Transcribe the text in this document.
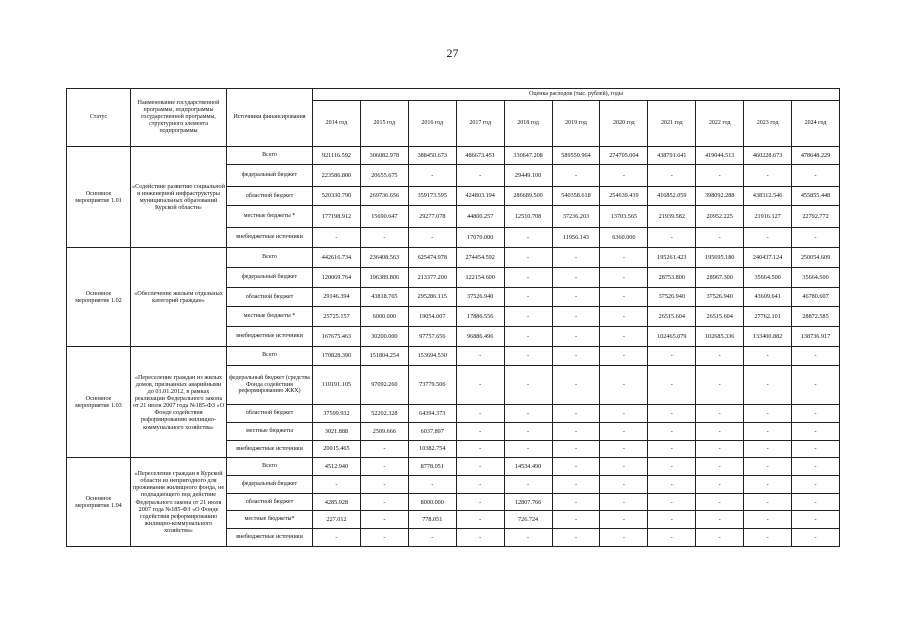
27
Статус	Наименование государственной программы, подпрограммы государственной программы, структурного элемента подпрограммы	Источники финансирования	Оценка расходов (тыс. рублей), годы										
			2014 год	2015 год	2016 год	2017 год	2018 год	2019 год	2020 год	2021 год	2022 год	2023 год	2024 год
Основное мероприятие 1.01	«Содействие развитию социальной и инженерной инфраструктуры муниципальных образований Курской области»	Всего	921116.592	306082.978	388450.673	486673.451	330647.208	589550.964	274705.004	438791.641	419044.513	460228.673	478648.229
		федеральный бюджет	223586.800	20655.675	-	-	29449.100	-	-	-	-	-	-
		областной бюджет	520330.790	269736.656	359173.595	424803.194	286689.500	540358.618	254639.439	416852.059	398092.288	438312.546	455855.448
		местные бюджеты *	177198.912	15690.647	29277.078	44800.257	12510.708	37236.203	13703.565	21939.582	20952.225	21916.127	22792.772
		внебюджетные источники	-	-	-	17070.000	-	11956.143	6360.000	-	-	-	-
Основное мероприятие 1.02	«Обеспечение жильем отдельных категорий граждан»	Всего	442616.734	236408.563	625474.978	274454.592	-	-	-	195261.423	195695.180	240437.124	250054.609
		федеральный бюджет	120069.764	196389.806	213377.200	122154.600	-	-	-	28753.800	28967.300	35664.500	35664.500
		областной бюджет	29146.394	43818.765	295286.115	37526.940	-	-	-	37526.940	37526.940	43609.641	46780.607
		местные бюджеты *	25725.157	6000.000	19054.007	17886.556	-	-	-	26515.604	26515.604	27762.101	28872.585
		внебюджетные источники	167675.463	30200.000	97757.656	96886.496	-	-	-	102465.079	102685.336	133400.882	138736.917
Основное мероприятие 1.03	«Переселение граждан из жилых домов, признанных аварийными до 01.01.2012, в рамках реализации Федерального закона от 21 июля 2007 года №185-ФЗ «О Фонде содействия реформированию жилищно-коммунального хозяйства»	Всего	170828.390	151804.254	153694.530	-	-	-	-	-	-	-	-
		федеральный бюджет (средства Фонда содействия реформированию ЖКХ)	110191.105	97092.260	73779.506	-	-	-	-	-	-	-	-
		областной бюджет	37599.932	52202.328	64394.373	-	-	-	-	-	-	-	-
		местные бюджеты	3021.888	2509.666	6037.897	-	-	-	-	-	-	-	-
		внебюджетные источники	20015.465	-	10382.754	-	-	-	-	-	-	-	-
Основное мероприятие 1.04	«Переселение граждан в Курской области из непригодного для проживания жилищного фонда, не подпадающего под действие Федерального закона от 21 июля 2007 года №185-ФЗ «О Фонде содействия реформированию жилищно-коммунального хозяйства»	Всего	4512.940	-	8778.051	-	14534.490	-	-	-	-	-	-
		федеральный бюджет	-	-	-	-	-	-	-	-	-	-	-
		областной бюджет	4285.928	-	8000.000	-	12807.766	-	-	-	-	-	-
		местные бюджеты*	227.012	-	778.051	-	726.724	-	-	-	-	-	-
		внебюджетные источники	-	-	-	-	-	-	-	-	-	-	-
